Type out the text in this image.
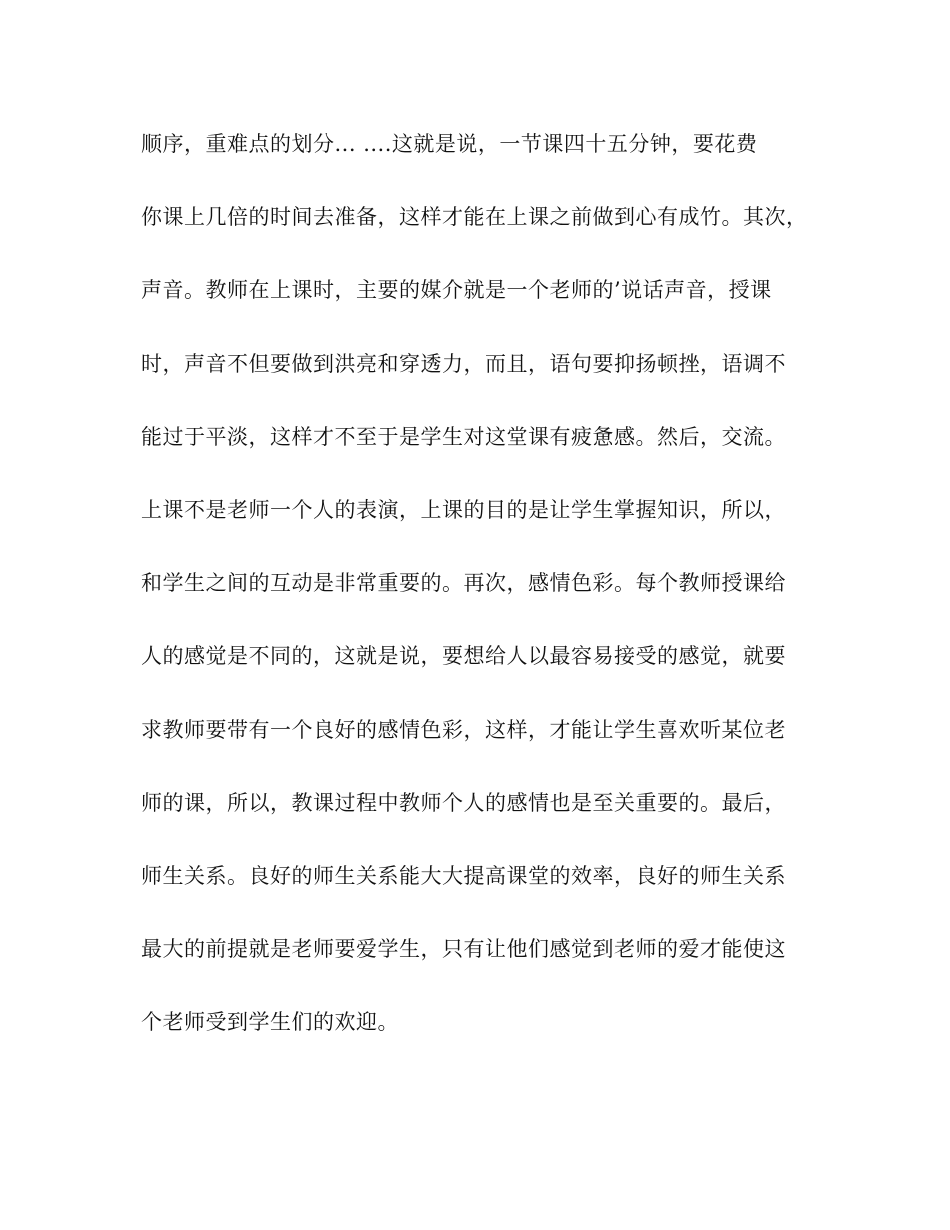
顺序，重难点的划分... ....这就是说，一节课四十五分钟，要花费
你课上几倍的时间去准备，这样才能在上课之前做到心有成竹。其次，
声音。教师在上课时，主要的媒介就是一个老师的’说话声音，授课
时，声音不但要做到洪亮和穿透力，而且，语句要抑扬顿挫，语调不
能过于平淡，这样才不至于是学生对这堂课有疲惫感。然后，交流。
上课不是老师一个人的表演，上课的目的是让学生掌握知识，所以，
和学生之间的互动是非常重要的。再次，感情色彩。每个教师授课给
人的感觉是不同的，这就是说，要想给人以最容易接受的感觉，就要
求教师要带有一个良好的感情色彩，这样，才能让学生喜欢听某位老
师的课，所以，教课过程中教师个人的感情也是至关重要的。最后，
师生关系。良好的师生关系能大大提高课堂的效率，良好的师生关系
最大的前提就是老师要爱学生，只有让他们感觉到老师的爱才能使这
个老师受到学生们的欢迎。
